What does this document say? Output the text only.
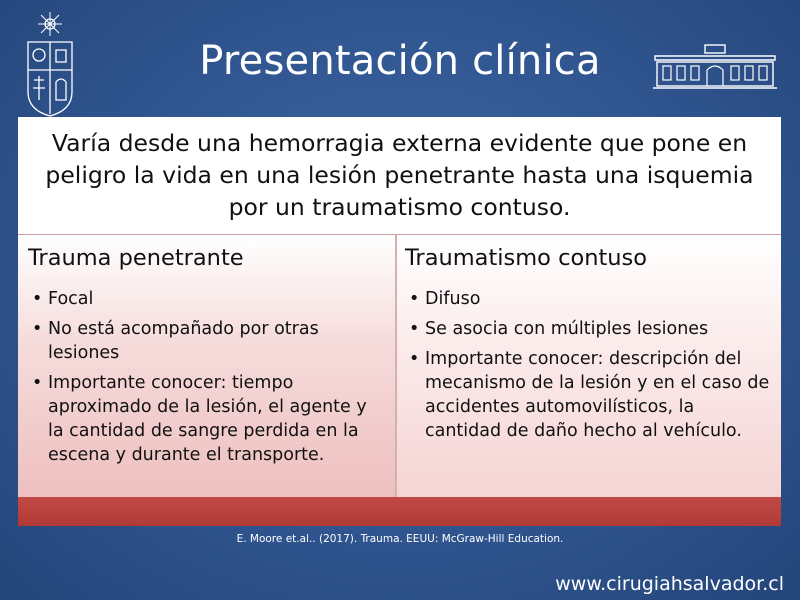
Presentación clínica
Varía desde una hemorragia externa evidente que pone en peligro la vida en una lesión penetrante hasta una isquemia por un traumatismo contuso.
Trauma penetrante
• Focal
• No está acompañado por otras lesiones
• Importante conocer: tiempo aproximado de la lesión, el agente y la cantidad de sangre perdida en la escena y durante el transporte.
Traumatismo contuso
• Difuso
• Se asocia con múltiples lesiones
• Importante conocer: descripción del mecanismo de la lesión y en el caso de accidentes automovilísticos, la cantidad de daño hecho al vehículo.
E. Moore et.al.. (2017). Trauma. EEUU: McGraw-Hill Education.
www.cirugiahsalvador.cl
